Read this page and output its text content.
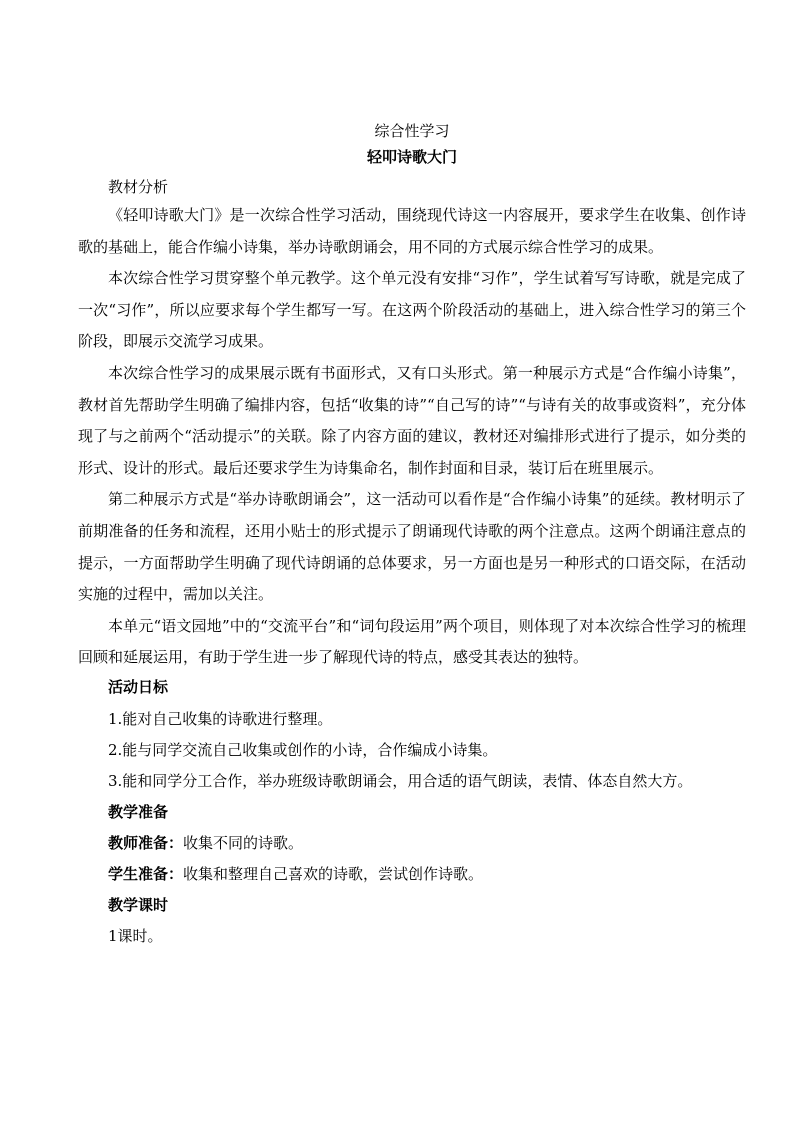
综合性学习
轻叩诗歌大门

教材分析

《轻叩诗歌大门》是一次综合性学习活动，围绕现代诗这一内容展开，要求学生在收集、创作诗歌的基础上，能合作编小诗集，举办诗歌朗诵会，用不同的方式展示综合性学习的成果。

本次综合性学习贯穿整个单元教学。这个单元没有安排“习作”，学生试着写写诗歌，就是完成了一次“习作”，所以应要求每个学生都写一写。在这两个阶段活动的基础上，进入综合性学习的第三个阶段，即展示交流学习成果。

本次综合性学习的成果展示既有书面形式，又有口头形式。第一种展示方式是“合作编小诗集”，教材首先帮助学生明确了编排内容，包括“收集的诗”“自己写的诗”“与诗有关的故事或资料”，充分体现了与之前两个“活动提示”的关联。除了内容方面的建议，教材还对编排形式进行了提示，如分类的形式、设计的形式。最后还要求学生为诗集命名，制作封面和目录，装订后在班里展示。

第二种展示方式是“举办诗歌朗诵会”，这一活动可以看作是“合作编小诗集”的延续。教材明示了前期准备的任务和流程，还用小贴士的形式提示了朗诵现代诗歌的两个注意点。这两个朗诵注意点的提示，一方面帮助学生明确了现代诗朗诵的总体要求，另一方面也是另一种形式的口语交际，在活动实施的过程中，需加以关注。

本单元“语文园地”中的“交流平台”和“词句段运用”两个项目，则体现了对本次综合性学习的梳理回顾和延展运用，有助于学生进一步了解现代诗的特点，感受其表达的独特。

活动日标

1.能对自己收集的诗歌进行整理。

2.能与同学交流自己收集或创作的小诗，合作编成小诗集。

3.能和同学分工合作，举办班级诗歌朗诵会，用合适的语气朗读，表情、体态自然大方。

教学准备

教师准备：收集不同的诗歌。

学生准备：收集和整理自己喜欢的诗歌，尝试创作诗歌。

教学课时

1课时。
